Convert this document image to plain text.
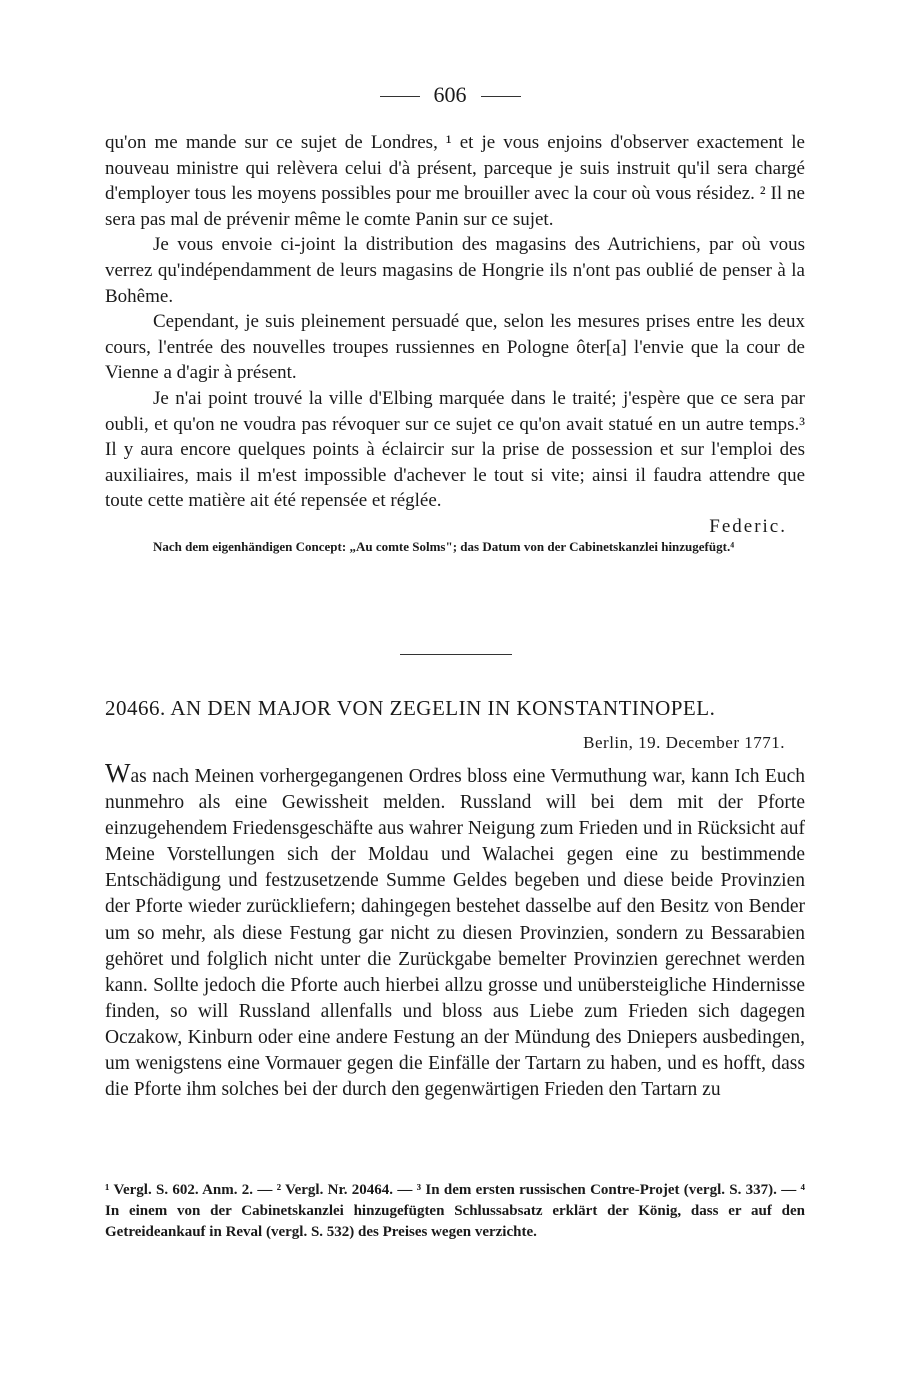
606

qu'on me mande sur ce sujet de Londres, ¹ et je vous enjoins d'observer exactement le nouveau ministre qui relèvera celui d'à présent, parceque je suis instruit qu'il sera chargé d'employer tous les moyens possibles pour me brouiller avec la cour où vous résidez. ² Il ne sera pas mal de prévenir même le comte Panin sur ce sujet.

Je vous envoie ci-joint la distribution des magasins des Autrichiens, par où vous verrez qu'indépendamment de leurs magasins de Hongrie ils n'ont pas oublié de penser à la Bohême.

Cependant, je suis pleinement persuadé que, selon les mesures prises entre les deux cours, l'entrée des nouvelles troupes russiennes en Pologne ôter[a] l'envie que la cour de Vienne a d'agir à présent.

Je n'ai point trouvé la ville d'Elbing marquée dans le traité; j'espère que ce sera par oubli, et qu'on ne voudra pas révoquer sur ce sujet ce qu'on avait statué en un autre temps.³ Il y aura encore quelques points à éclaircir sur la prise de possession et sur l'emploi des auxiliaires, mais il m'est impossible d'achever le tout si vite; ainsi il faudra attendre que toute cette matière ait été repensée et réglée.

Federic.

Nach dem eigenhändigen Concept: „Au comte Solms"; das Datum von der Cabinetskanzlei hinzugefügt.⁴

20466. AN DEN MAJOR VON ZEGELIN IN KONSTANTINOPEL.
Berlin, 19. December 1771.

Was nach Meinen vorhergegangenen Ordres bloss eine Vermuthung war, kann Ich Euch nunmehro als eine Gewissheit melden. Russland will bei dem mit der Pforte einzugehendem Friedensgeschäfte aus wahrer Neigung zum Frieden und in Rücksicht auf Meine Vorstellungen sich der Moldau und Walachei gegen eine zu bestimmende Entschädigung und festzusetzende Summe Geldes begeben und diese beide Provinzien der Pforte wieder zurückliefern; dahingegen bestehet dasselbe auf den Besitz von Bender um so mehr, als diese Festung gar nicht zu diesen Provinzien, sondern zu Bessarabien gehöret und folglich nicht unter die Zurückgabe bemelter Provinzien gerechnet werden kann. Sollte jedoch die Pforte auch hierbei allzu grosse und unübersteigliche Hindernisse finden, so will Russland allenfalls und bloss aus Liebe zum Frieden sich dagegen Oczakow, Kinburn oder eine andere Festung an der Mündung des Dniepers ausbedingen, um wenigstens eine Vormauer gegen die Einfälle der Tartarn zu haben, und es hofft, dass die Pforte ihm solches bei der durch den gegenwärtigen Frieden den Tartarn zu

¹ Vergl. S. 602. Anm. 2. — ² Vergl. Nr. 20464. — ³ In dem ersten russischen Contre-Projet (vergl. S. 337). — ⁴ In einem von der Cabinetskanzlei hinzugefügten Schlussabsatz erklärt der König, dass er auf den Getreideankauf in Reval (vergl. S. 532) des Preises wegen verzichte.
